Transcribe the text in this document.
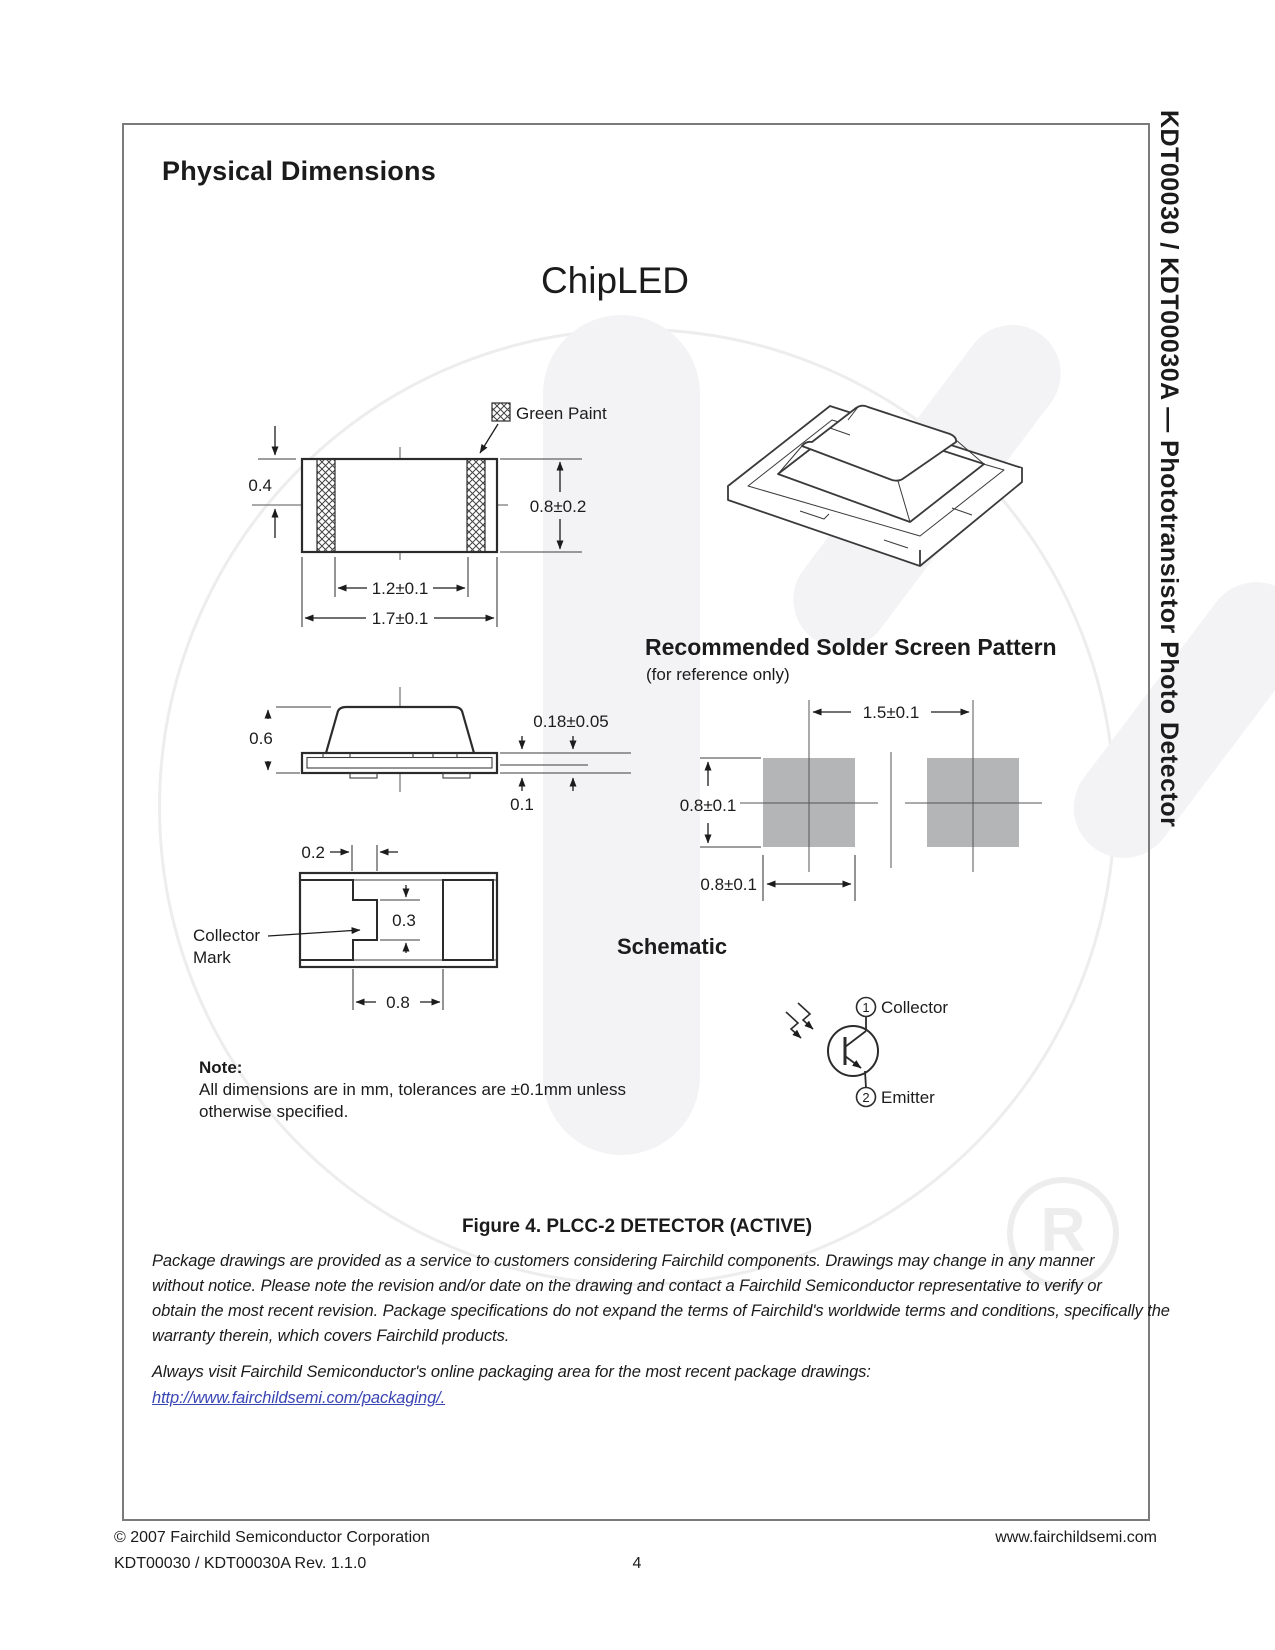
R
0.4
0.8±0.2
1.2±0.1
1.7±0.1
Green Paint
0.6
0.18±0.05
0.1
0.2
0.3
0.8
Collector
Mark
1.5±0.1
0.8±0.1
0.8±0.1
1
2
Collector
Emitter
Physical Dimensions
ChipLED
Recommended Solder Screen Pattern
(for reference only)
Schematic
Note:
All dimensions are in mm, tolerances are ±0.1mm unless
otherwise specified.
Figure 4. PLCC-2 DETECTOR (ACTIVE)
Package drawings are provided as a service to customers considering Fairchild components. Drawings may change in any manner
without notice. Please note the revision and/or date on the drawing and contact a Fairchild Semiconductor representative to verify or
obtain the most recent revision. Package specifications do not expand the terms of Fairchild's worldwide terms and conditions, specifically the
warranty therein, which covers Fairchild products.
Always visit Fairchild Semiconductor's online packaging area for the most recent package drawings:
http://www.fairchildsemi.com/packaging/.
© 2007 Fairchild Semiconductor Corporation	www.fairchildsemi.com
KDT00030 / KDT00030A Rev. 1.1.0	4
KDT00030 / KDT00030A — Phototransistor Photo Detector
